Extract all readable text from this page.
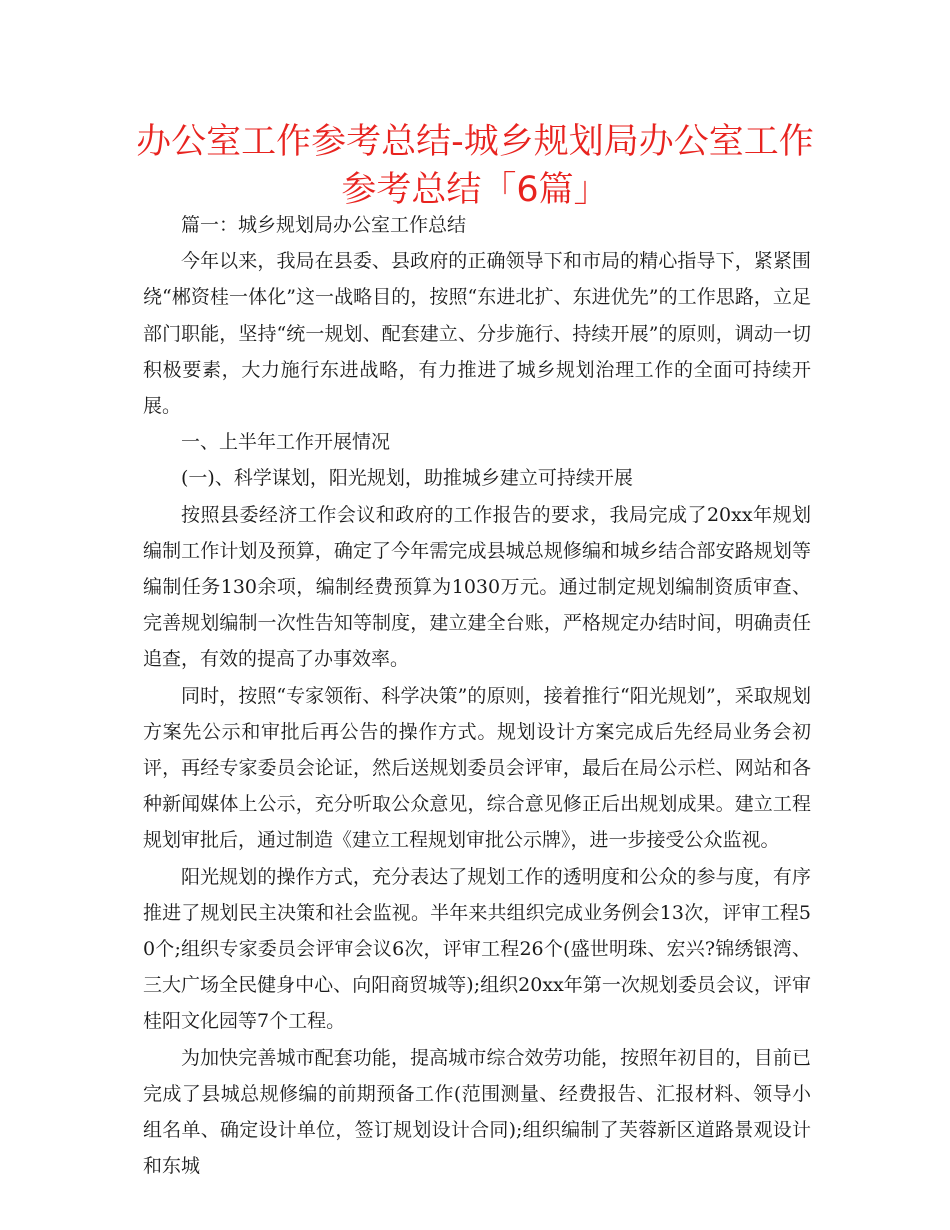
办公室工作参考总结-城乡规划局办公室工作参考总结「6篇」

篇一：城乡规划局办公室工作总结

今年以来，我局在县委、县政府的正确领导下和市局的精心指导下，紧紧围绕“郴资桂一体化”这一战略目的，按照“东进北扩、东进优先”的工作思路，立足部门职能，坚持“统一规划、配套建立、分步施行、持续开展”的原则，调动一切积极要素，大力施行东进战略，有力推进了城乡规划治理工作的全面可持续开展。

一、上半年工作开展情况

(一)、科学谋划，阳光规划，助推城乡建立可持续开展

按照县委经济工作会议和政府的工作报告的要求，我局完成了20xx年规划编制工作计划及预算，确定了今年需完成县城总规修编和城乡结合部安路规划等编制任务130余项，编制经费预算为1030万元。通过制定规划编制资质审查、完善规划编制一次性告知等制度，建立建全台账，严格规定办结时间，明确责任追查，有效的提高了办事效率。

同时，按照“专家领衔、科学决策”的原则，接着推行“阳光规划”，采取规划方案先公示和审批后再公告的操作方式。规划设计方案完成后先经局业务会初评，再经专家委员会论证，然后送规划委员会评审，最后在局公示栏、网站和各种新闻媒体上公示，充分听取公众意见，综合意见修正后出规划成果。建立工程规划审批后，通过制造《建立工程规划审批公示牌》，进一步接受公众监视。

阳光规划的操作方式，充分表达了规划工作的透明度和公众的参与度，有序推进了规划民主决策和社会监视。半年来共组织完成业务例会13次，评审工程50个;组织专家委员会评审会议6次，评审工程26个(盛世明珠、宏兴?锦绣银湾、三大广场全民健身中心、向阳商贸城等);组织20xx年第一次规划委员会议，评审桂阳文化园等7个工程。

为加快完善城市配套功能，提高城市综合效劳功能，按照年初目的，目前已完成了县城总规修编的前期预备工作(范围测量、经费报告、汇报材料、领导小组名单、确定设计单位，签订规划设计合同);组织编制了芙蓉新区道路景观设计和东城
